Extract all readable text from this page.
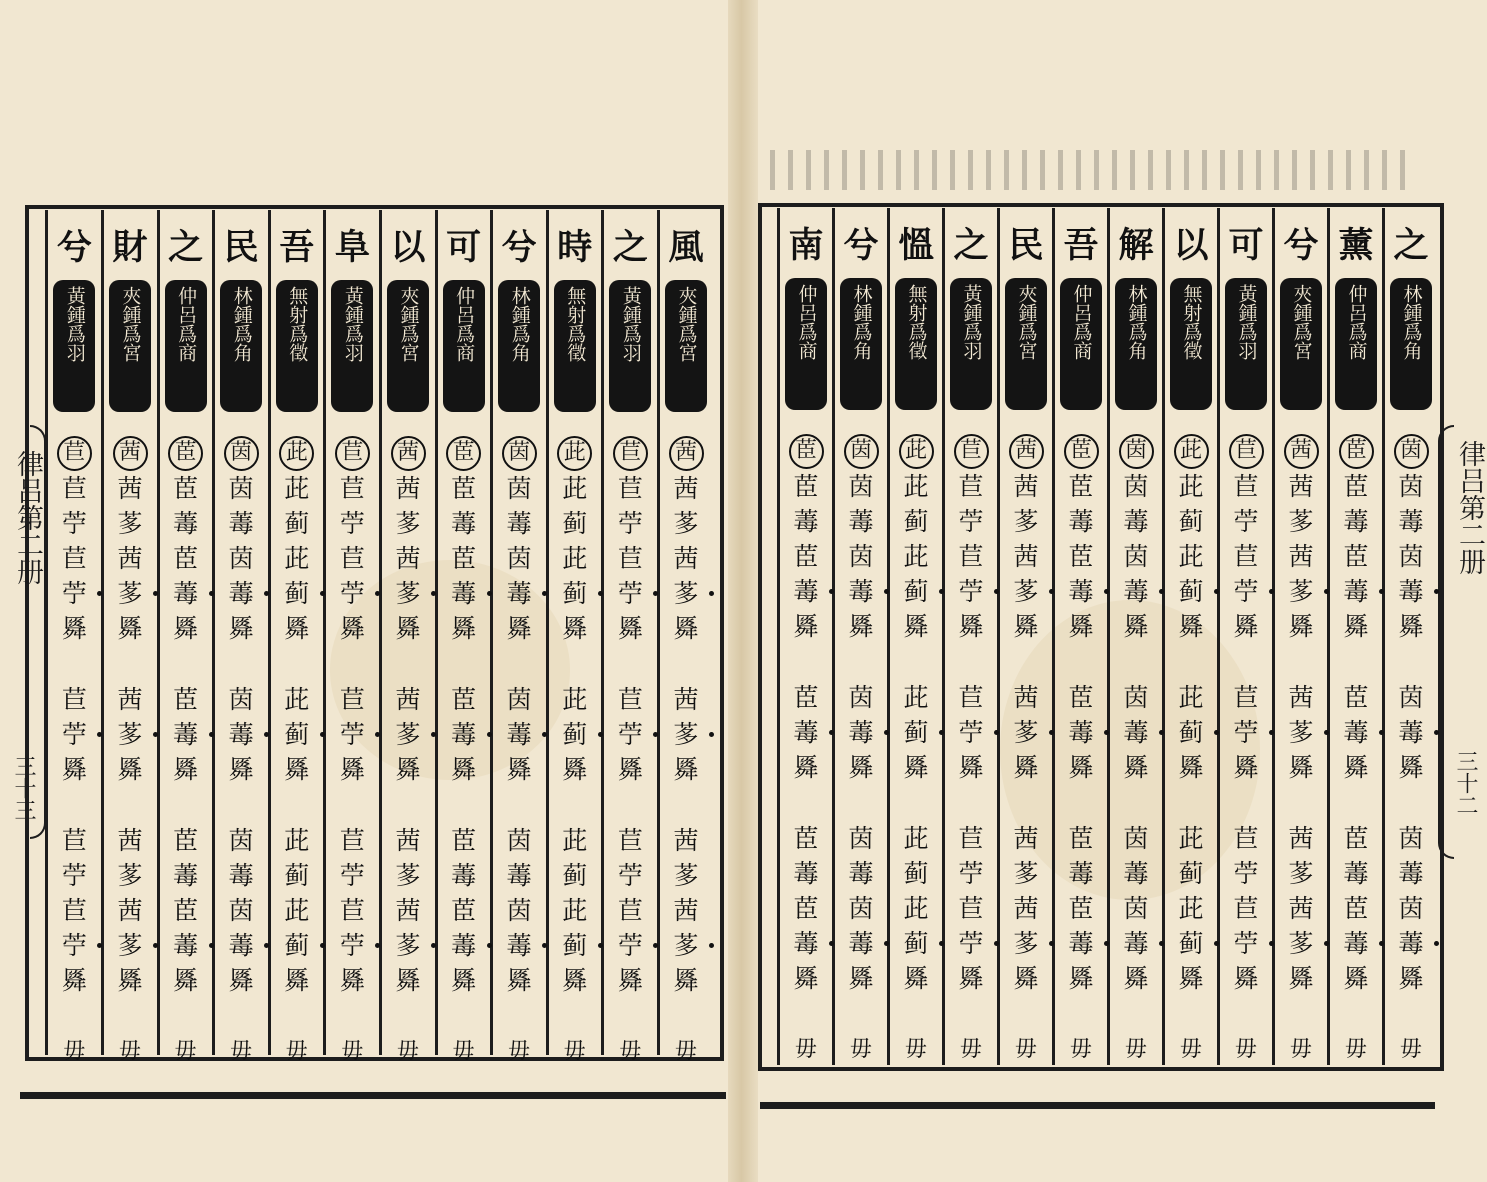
律吕第二册
三十三
律吕第二册
三十二
風
夾鍾爲宮
茜
茜
茤
茜
茤
䑞
茜
茤
䑞
茜
茤
茜
茤
䑞
毋
之
黃鍾爲羽
苣
苣
苧
苣
苧
䑞
苣
苧
䑞
苣
苧
苣
苧
䑞
毋
時
無射爲徵
茈
茈
蓟
茈
蓟
䑞
茈
蓟
䑞
茈
蓟
茈
蓟
䑞
毋
兮
林鍾爲角
茵
茵
䓯
茵
䓯
䑞
茵
䓯
䑞
茵
䓯
茵
䓯
䑞
毋
可
仲呂爲商
茞
茞
䓯
茞
䓯
䑞
茞
䓯
䑞
茞
䓯
茞
䓯
䑞
毋
以
夾鍾爲宮
茜
茜
茤
茜
茤
䑞
茜
茤
䑞
茜
茤
茜
茤
䑞
毋
阜
黃鍾爲羽
苣
苣
苧
苣
苧
䑞
苣
苧
䑞
苣
苧
苣
苧
䑞
毋
吾
無射爲徵
茈
茈
蓟
茈
蓟
䑞
茈
蓟
䑞
茈
蓟
茈
蓟
䑞
毋
民
林鍾爲角
茵
茵
䓯
茵
䓯
䑞
茵
䓯
䑞
茵
䓯
茵
䓯
䑞
毋
之
仲呂爲商
茞
茞
䓯
茞
䓯
䑞
茞
䓯
䑞
茞
䓯
茞
䓯
䑞
毋
財
夾鍾爲宮
茜
茜
茤
茜
茤
䑞
茜
茤
䑞
茜
茤
茜
茤
䑞
毋
兮
黃鍾爲羽
苣
苣
苧
苣
苧
䑞
苣
苧
䑞
苣
苧
苣
苧
䑞
毋
之
林鍾爲角
茵
茵
䓯
茵
䓯
䑞
茵
䓯
䑞
茵
䓯
茵
䓯
䑞
毋
薰
仲呂爲商
茞
茞
䓯
茞
䓯
䑞
茞
䓯
䑞
茞
䓯
茞
䓯
䑞
毋
兮
夾鍾爲宮
茜
茜
茤
茜
茤
䑞
茜
茤
䑞
茜
茤
茜
茤
䑞
毋
可
黃鍾爲羽
苣
苣
苧
苣
苧
䑞
苣
苧
䑞
苣
苧
苣
苧
䑞
毋
以
無射爲徵
茈
茈
蓟
茈
蓟
䑞
茈
蓟
䑞
茈
蓟
茈
蓟
䑞
毋
解
林鍾爲角
茵
茵
䓯
茵
䓯
䑞
茵
䓯
䑞
茵
䓯
茵
䓯
䑞
毋
吾
仲呂爲商
茞
茞
䓯
茞
䓯
䑞
茞
䓯
䑞
茞
䓯
茞
䓯
䑞
毋
民
夾鍾爲宮
茜
茜
茤
茜
茤
䑞
茜
茤
䑞
茜
茤
茜
茤
䑞
毋
之
黃鍾爲羽
苣
苣
苧
苣
苧
䑞
苣
苧
䑞
苣
苧
苣
苧
䑞
毋
慍
無射爲徵
茈
茈
蓟
茈
蓟
䑞
茈
蓟
䑞
茈
蓟
茈
蓟
䑞
毋
兮
林鍾爲角
茵
茵
䓯
茵
䓯
䑞
茵
䓯
䑞
茵
䓯
茵
䓯
䑞
毋
南
仲呂爲商
茞
茞
䓯
茞
䓯
䑞
茞
䓯
䑞
茞
䓯
茞
䓯
䑞
毋
